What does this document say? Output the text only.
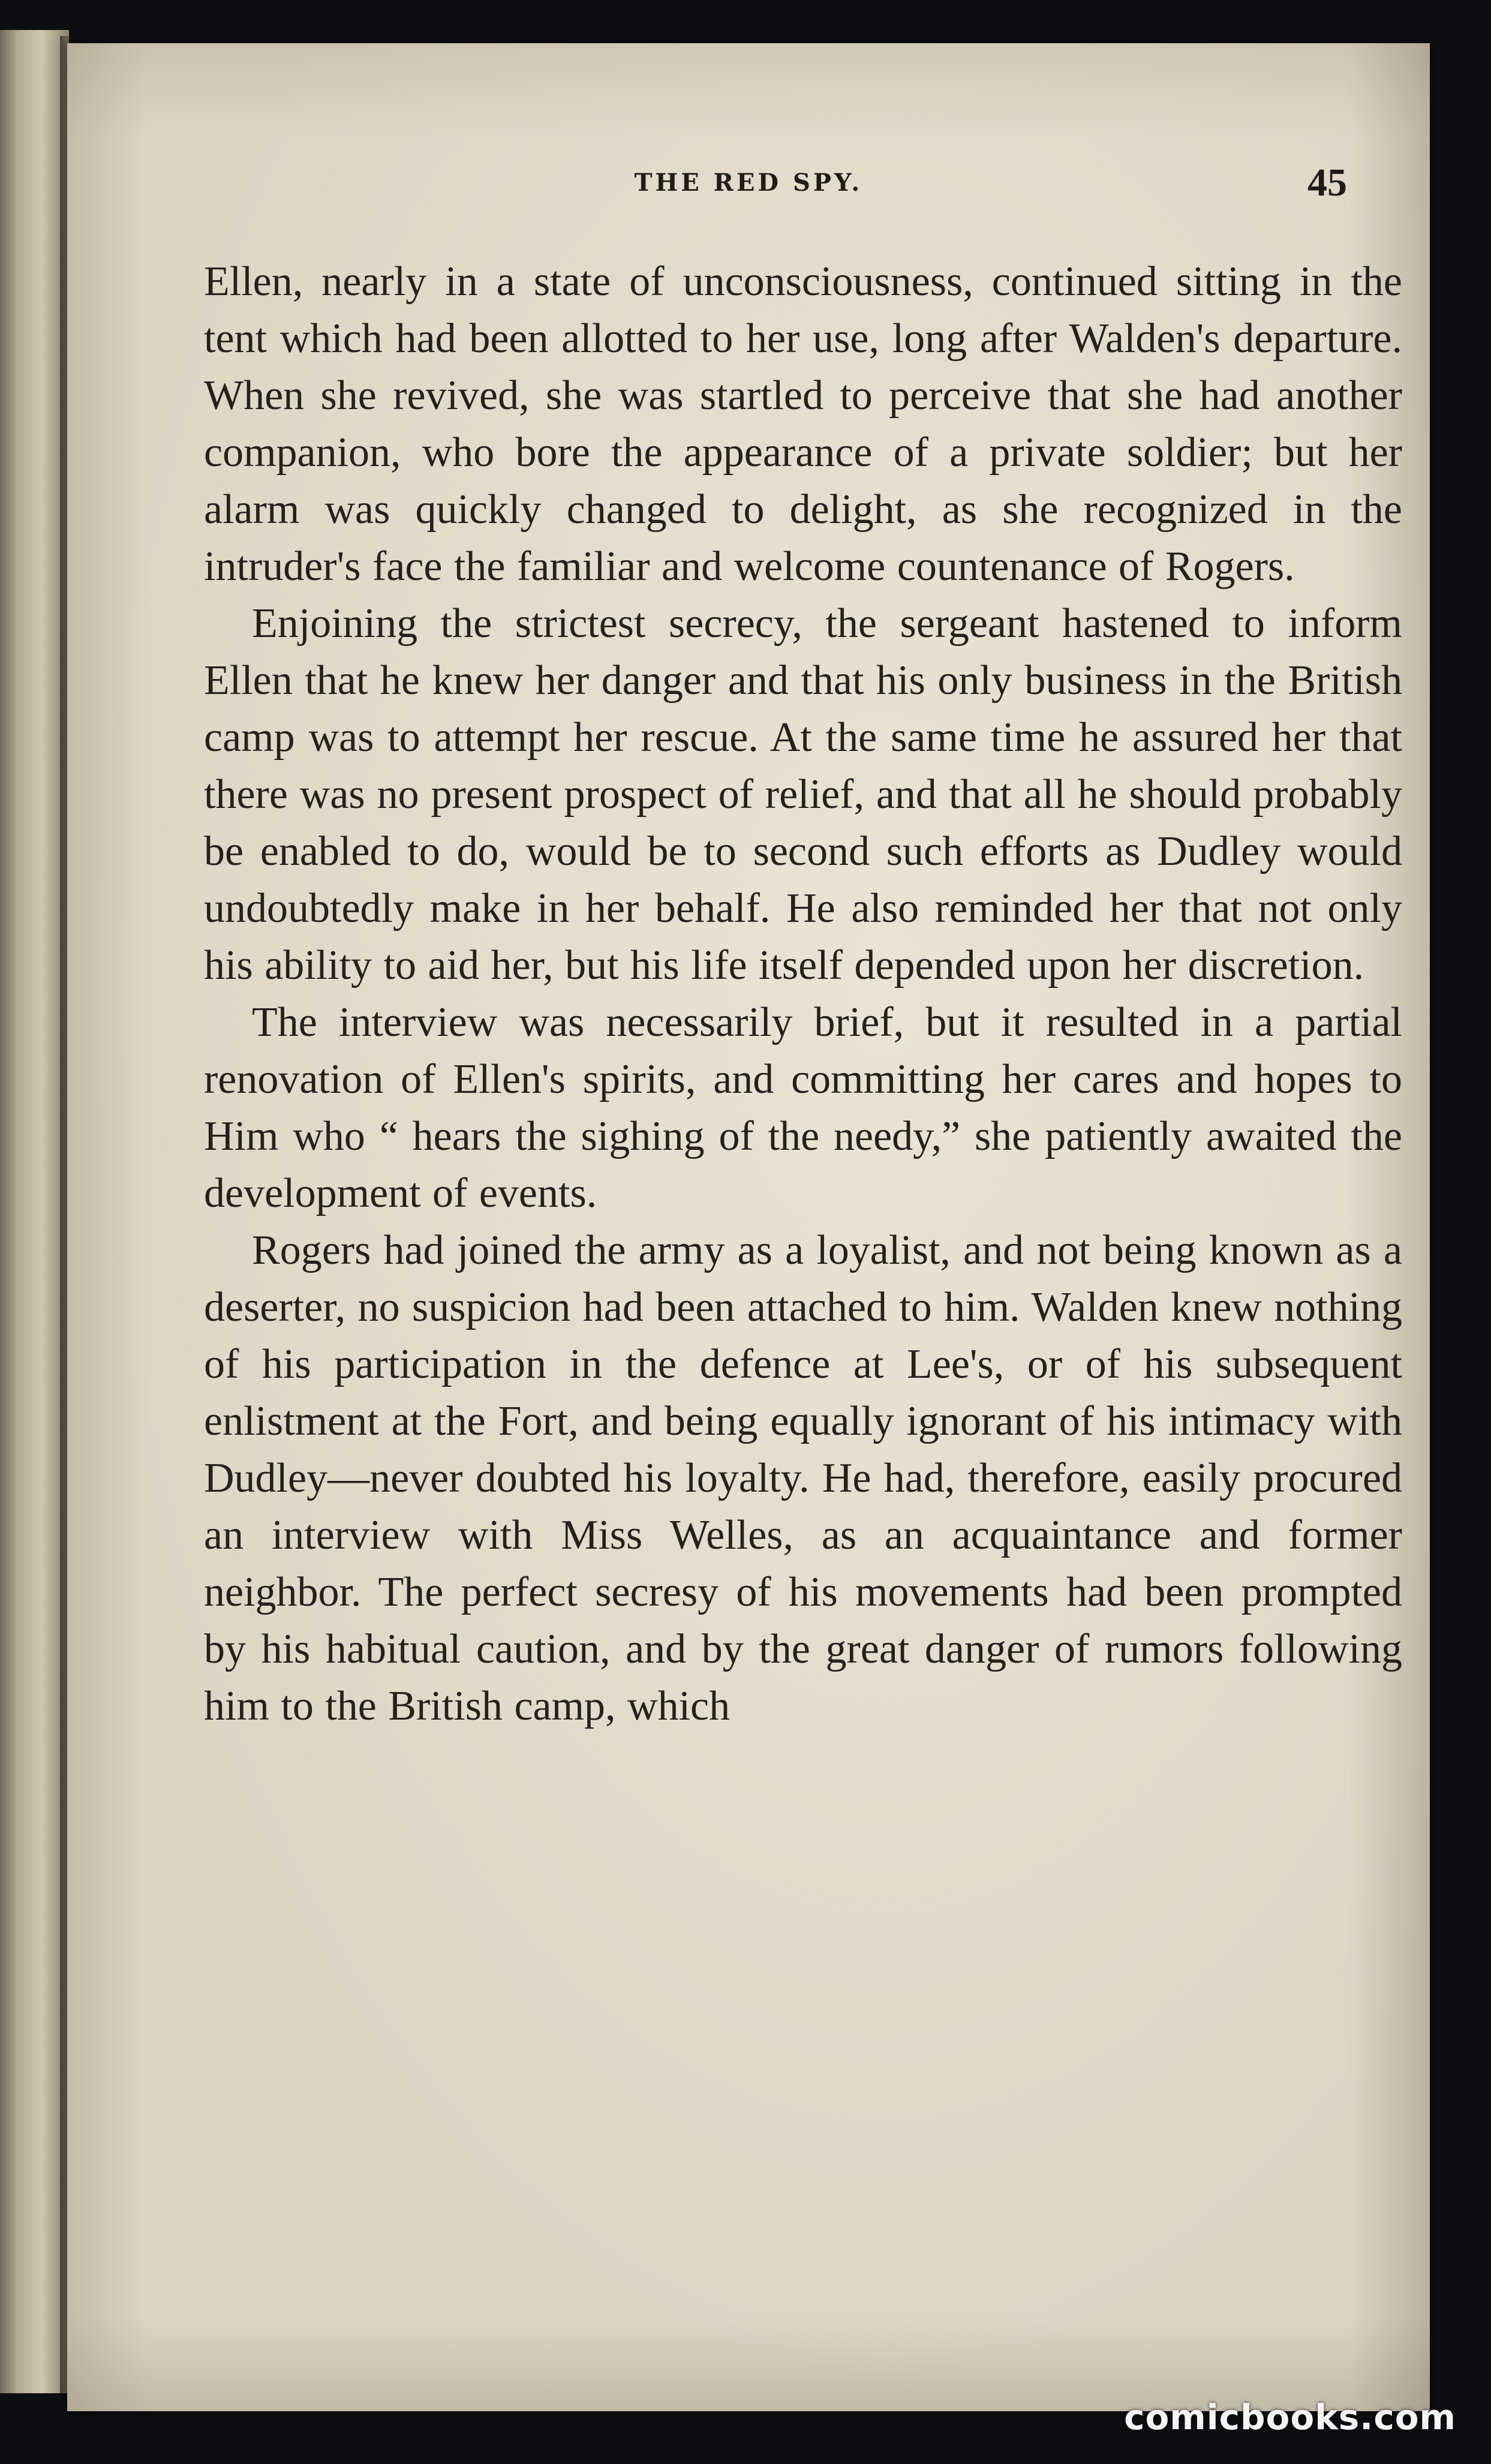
THE RED SPY.	45

Ellen, nearly in a state of unconsciousness, continued sitting in the tent which had been allotted to her use, long after Walden's departure. When she revived, she was startled to perceive that she had another companion, who bore the appearance of a private soldier; but her alarm was quickly changed to delight, as she recognized in the intruder's face the familiar and welcome countenance of Rogers.

Enjoining the strictest secrecy, the sergeant hastened to inform Ellen that he knew her danger and that his only business in the British camp was to attempt her rescue. At the same time he assured her that there was no present prospect of relief, and that all he should probably be enabled to do, would be to second such efforts as Dudley would undoubtedly make in her behalf. He also reminded her that not only his ability to aid her, but his life itself depended upon her discretion.

The interview was necessarily brief, but it resulted in a partial renovation of Ellen's spirits, and committing her cares and hopes to Him who “ hears the sighing of the needy,” she patiently awaited the development of events.

Rogers had joined the army as a loyalist, and not being known as a deserter, no suspicion had been attached to him. Walden knew nothing of his participation in the defence at Lee's, or of his subsequent enlistment at the Fort, and being equally ignorant of his intimacy with Dudley—never doubted his loyalty. He had, therefore, easily procured an interview with Miss Welles, as an acquaintance and former neighbor. The perfect secresy of his movements had been prompted by his habitual caution, and by the great danger of rumors following him to the British camp, which

comicbooks.com
